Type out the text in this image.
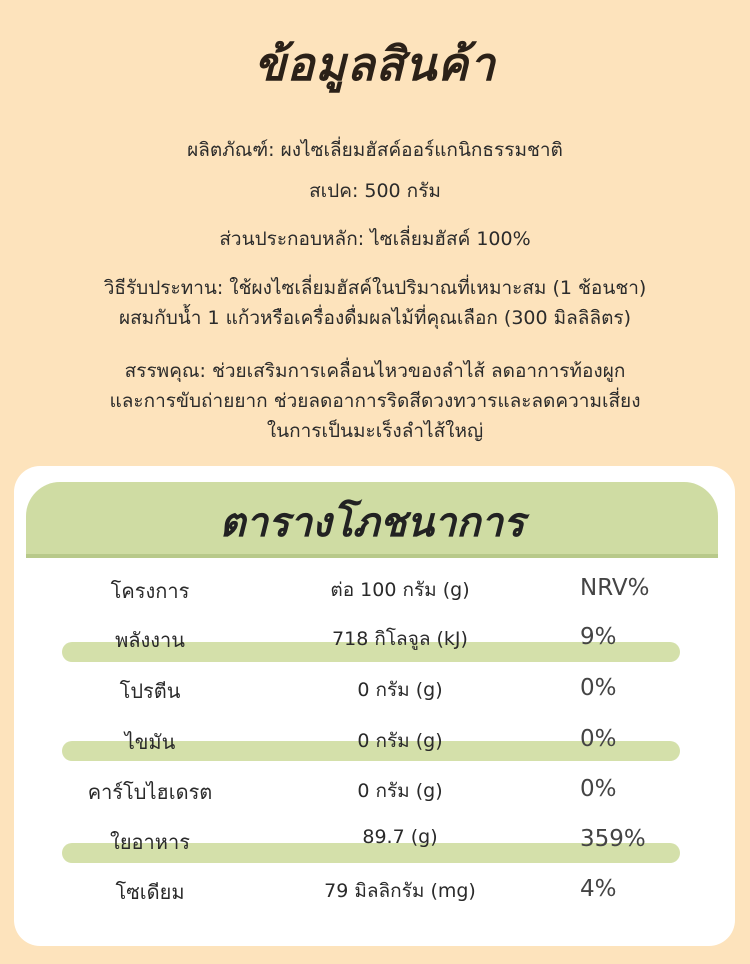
ข้อมูลสินค้า
ผลิตภัณฑ์: ผงไซเลี่ยมฮัสค์ออร์แกนิกธรรมชาติ
สเปค: 500 กรัม
ส่วนประกอบหลัก: ไซเลี่ยมฮัสค์ 100%
วิธีรับประทาน: ใช้ผงไซเลี่ยมฮัสค์ในปริมาณที่เหมาะสม (1 ช้อนชา)
ผสมกับน้ำ 1 แก้วหรือเครื่องดื่มผลไม้ที่คุณเลือก (300 มิลลิลิตร)
สรรพคุณ: ช่วยเสริมการเคลื่อนไหวของลำไส้ ลดอาการท้องผูก
และการขับถ่ายยาก ช่วยลดอาการริดสีดวงทวารและลดความเสี่ยง
ในการเป็นมะเร็งลำไส้ใหญ่
ตารางโภชนาการ
โครงการ	ต่อ 100 กรัม (g)	NRV%
พลังงาน	718 กิโลจูล (kJ)	9%
โปรตีน	0 กรัม (g)	0%
ไขมัน	0 กรัม (g)	0%
คาร์โบไฮเดรต	0 กรัม (g)	0%
ใยอาหาร	89.7 (g)	359%
โซเดียม	79 มิลลิกรัม (mg)	4%
